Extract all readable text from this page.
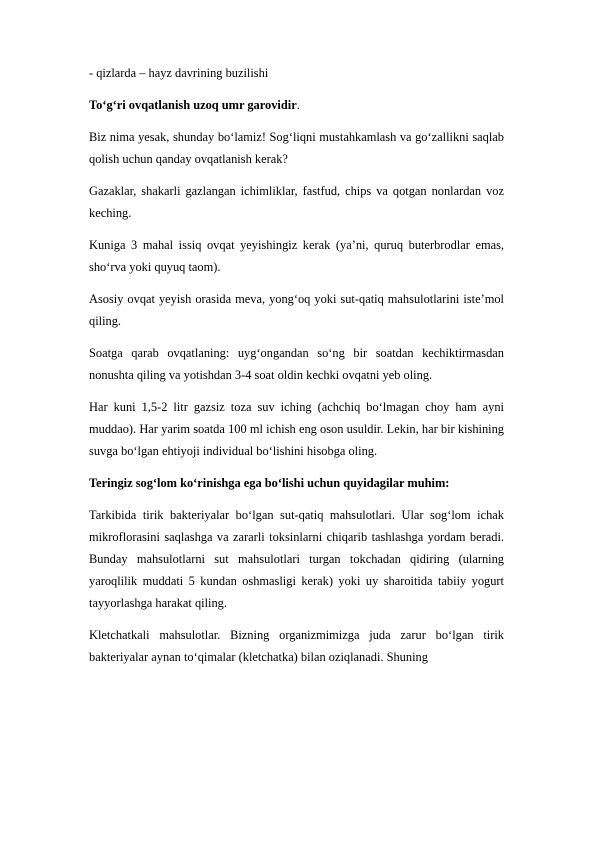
- qizlarda – hayz davrining buzilishi

To‘g‘ri ovqatlanish uzoq umr garovidir.

Biz nima yesak, shunday bo‘lamiz! Sog‘liqni mustahkamlash va go‘zallikni saqlab qolish uchun qanday ovqatlanish kerak?

Gazaklar, shakarli gazlangan ichimliklar, fastfud, chips va qotgan nonlardan voz keching.

Kuniga 3 mahal issiq ovqat yeyishingiz kerak (ya’ni, quruq buterbrodlar emas, sho‘rva yoki quyuq taom).

Asosiy ovqat yeyish orasida meva, yong‘oq yoki sut-qatiq mahsulotlarini iste’mol qiling.

Soatga qarab ovqatlaning: uyg‘ongandan so‘ng bir soatdan kechiktirmasdan nonushta qiling va yotishdan 3-4 soat oldin kechki ovqatni yeb oling.

Har kuni 1,5-2 litr gazsiz toza suv iching (achchiq bo‘lmagan choy ham ayni muddao). Har yarim soatda 100 ml ichish eng oson usuldir. Lekin, har bir kishining suvga bo‘lgan ehtiyoji individual bo‘lishini hisobga oling.

Teringiz sog‘lom ko‘rinishga ega bo‘lishi uchun quyidagilar muhim:

Tarkibida tirik bakteriyalar bo‘lgan sut-qatiq mahsulotlari. Ular sog‘lom ichak mikroflorasini saqlashga va zararli toksinlarni chiqarib tashlashga yordam beradi. Bunday mahsulotlarni sut mahsulotlari turgan tokchadan qidiring (ularning yaroqlilik muddati 5 kundan oshmasligi kerak) yoki uy sharoitida tabiiy yogurt tayyorlashga harakat qiling.

Kletchatkali mahsulotlar. Bizning organizmimizga juda zarur bo‘lgan tirik bakteriyalar aynan to‘qimalar (kletchatka) bilan oziqlanadi. Shuning
